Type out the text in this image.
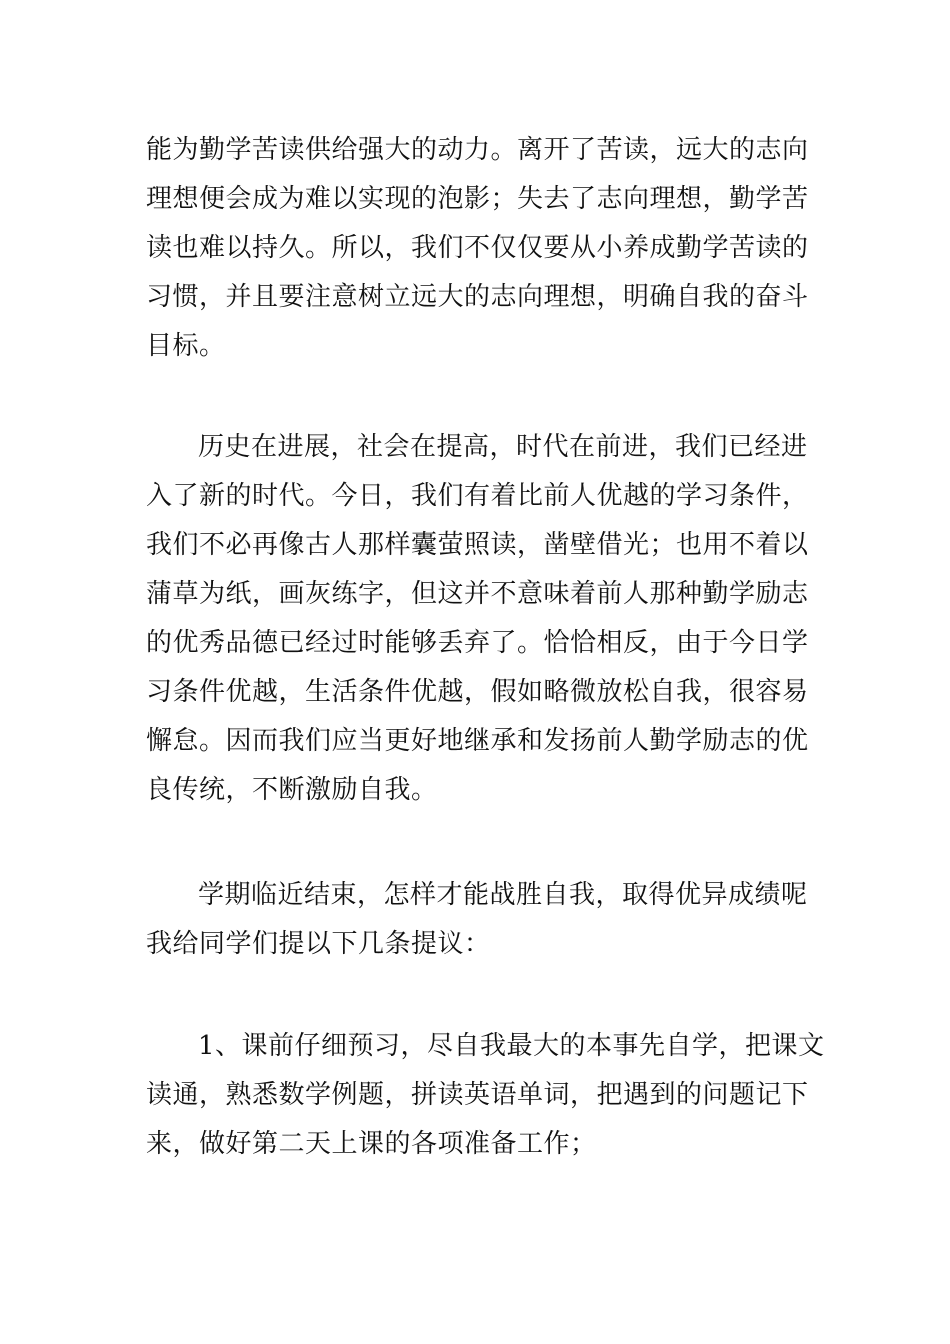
能为勤学苦读供给强大的动力。离开了苦读，远大的志向
理想便会成为难以实现的泡影；失去了志向理想，勤学苦
读也难以持久。所以，我们不仅仅要从小养成勤学苦读的
习惯，并且要注意树立远大的志向理想，明确自我的奋斗
目标。
历史在进展，社会在提高，时代在前进，我们已经进
入了新的时代。今日，我们有着比前人优越的学习条件，
我们不必再像古人那样囊萤照读，凿壁借光；也用不着以
蒲草为纸，画灰练字，但这并不意味着前人那种勤学励志
的优秀品德已经过时能够丢弃了。恰恰相反，由于今日学
习条件优越，生活条件优越，假如略微放松自我，很容易
懈怠。因而我们应当更好地继承和发扬前人勤学励志的优
良传统，不断激励自我。
学期临近结束，怎样才能战胜自我，取得优异成绩呢
我给同学们提以下几条提议：
1、课前仔细预习，尽自我最大的本事先自学，把课文
读通，熟悉数学例题，拼读英语单词，把遇到的问题记下
来，做好第二天上课的各项准备工作；
